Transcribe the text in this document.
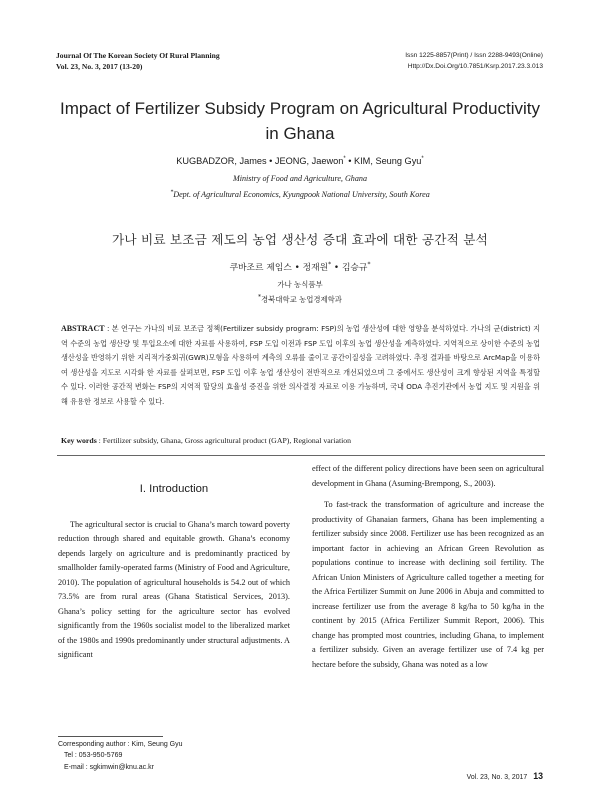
Journal Of The Korean Society Of Rural Planning
Vol. 23, No. 3, 2017 (13-20)
Issn 1225-8857(Print) / Issn 2288-9493(Online)
Http://Dx.Doi.Org/10.7851/Ksrp.2017.23.3.013
Impact of Fertilizer Subsidy Program on Agricultural Productivity in Ghana
KUGBADZOR, James • JEONG, Jaewon* • KIM, Seung Gyu*
Ministry of Food and Agriculture, Ghana
*Dept. of Agricultural Economics, Kyungpook National University, South Korea
가나 비료 보조금 제도의 농업 생산성 증대 효과에 대한 공간적 분석
쿠바조르 제임스 • 정재원* • 김승규*
가나 농식품부
*경북대학교 농업경제학과
ABSTRACT : 본 연구는 가나의 비료 보조금 정책(Fertilizer subsidy program: FSP)의 농업 생산성에 대한 영향을 분석하였다. 가나의 군(district) 지역 수준의 농업 생산량 및 투입요소에 대한 자료를 사용하여, FSP 도입 이전과 FSP 도입 이후의 농업 생산성을 계측하였다. 지역적으로 상이한 수준의 농업 생산성을 반영하기 위한 지리적가중회귀(GWR)모형을 사용하여 계측의 오류를 줄이고 공간이질성을 고려하였다. 추정 결과를 바탕으로 ArcMap을 이용하여 생산성을 지도로 시각화 한 자료를 살펴보면, FSP 도입 이후 농업 생산성이 전반적으로 개선되었으며 그 중에서도 생산성이 크게 향상된 지역을 특정할 수 있다. 이러한 공간적 변화는 FSP의 지역적 할당의 효율성 증진을 위한 의사결정 자료로 이용 가능하며, 국내 ODA 추진기관에서 농업 지도 및 지원을 위해 유용한 정보로 사용할 수 있다.
Key words : Fertilizer subsidy, Ghana, Gross agricultural product (GAP), Regional variation
I. Introduction

The agricultural sector is crucial to Ghana’s march toward poverty reduction through shared and equitable growth. Ghana’s economy depends largely on agriculture and is predominantly practiced by smallholder family-operated farms (Ministry of Food and Agriculture, 2010). The population of agricultural households is 54.2 out of which 73.5% are from rural areas (Ghana Statistical Services, 2013). Ghana’s policy setting for the agriculture sector has evolved significantly from the 1960s socialist model to the liberalized market of the 1980s and 1990s predominantly under structural adjustments. A significant

effect of the different policy directions have been seen on agricultural development in Ghana (Asuming-Brempong, S., 2003).

To fast-track the transformation of agriculture and increase the productivity of Ghanaian farmers, Ghana has been implementing a fertilizer subsidy since 2008. Fertilizer use has been recognized as an important factor in achieving an African Green Revolution as populations continue to increase with declining soil fertility. The African Union Ministers of Agriculture called together a meeting for the Africa Fertilizer Summit on June 2006 in Abuja and committed to increase fertilizer use from the average 8 kg/ha to 50 kg/ha in the continent by 2015 (Africa Fertilizer Summit Report, 2006). This change has prompted most countries, including Ghana, to implement a fertilizer subsidy. Given an average fertilizer use of 7.4 kg per hectare before the subsidy, Ghana was noted as a low

Corresponding author : Kim, Seung Gyu
Tel : 053-950-5769
E-mail : sgkimwin@knu.ac.kr
Vol. 23, No. 3, 2017 13
